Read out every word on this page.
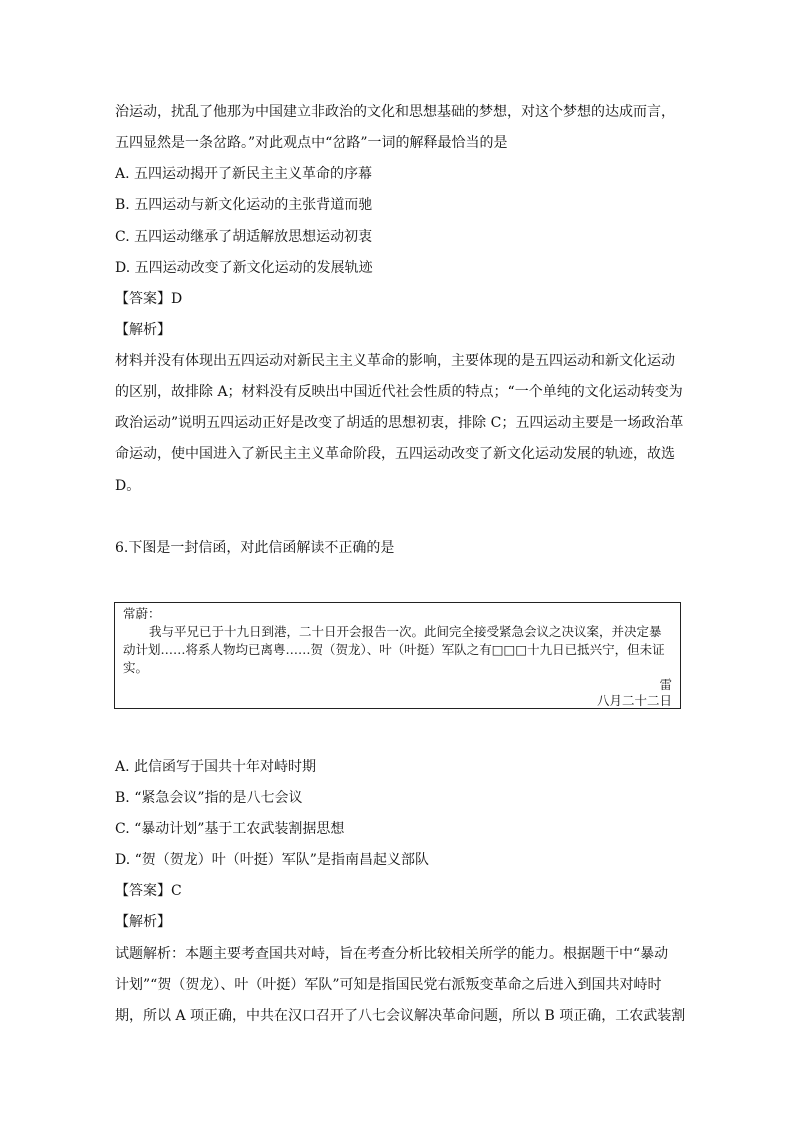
治运动，扰乱了他那为中国建立非政治的文化和思想基础的梦想，对这个梦想的达成而言，
五四显然是一条岔路。”对此观点中“岔路”一词的解释最恰当的是
A. 五四运动揭开了新民主主义革命的序幕
B. 五四运动与新文化运动的主张背道而驰
C. 五四运动继承了胡适解放思想运动初衷
D. 五四运动改变了新文化运动的发展轨迹
【答案】D
【解析】
材料并没有体现出五四运动对新民主主义革命的影响，主要体现的是五四运动和新文化运动
的区别，故排除 A；材料没有反映出中国近代社会性质的特点；“一个单纯的文化运动转变为
政治运动”说明五四运动正好是改变了胡适的思想初衷，排除 C；五四运动主要是一场政治革
命运动，使中国进入了新民主主义革命阶段，五四运动改变了新文化运动发展的轨迹，故选
D。
6.下图是一封信函，对此信函解读不正确的是
常蔚：
我与平兄已于十九日到港，二十日开会报告一次。此间完全接受紧急会议之决议案，并决定暴动计划……将系人物均已离粤……贺（贺龙）、叶（叶挺）军队之有□□□十九日已抵兴宁，但未证实。
雷
八月二十二日
A. 此信函写于国共十年对峙时期
B. “紧急会议”指的是八七会议
C. “暴动计划”基于工农武装割据思想
D. “贺（贺龙）叶（叶挺）军队”是指南昌起义部队
【答案】C
【解析】
试题解析：本题主要考查国共对峙，旨在考查分析比较相关所学的能力。根据题干中“暴动
计划”“贺（贺龙）、叶（叶挺）军队”可知是指国民党右派叛变革命之后进入到国共对峙时
期，所以 A 项正确，中共在汉口召开了八七会议解决革命问题，所以 B 项正确，工农武装割
